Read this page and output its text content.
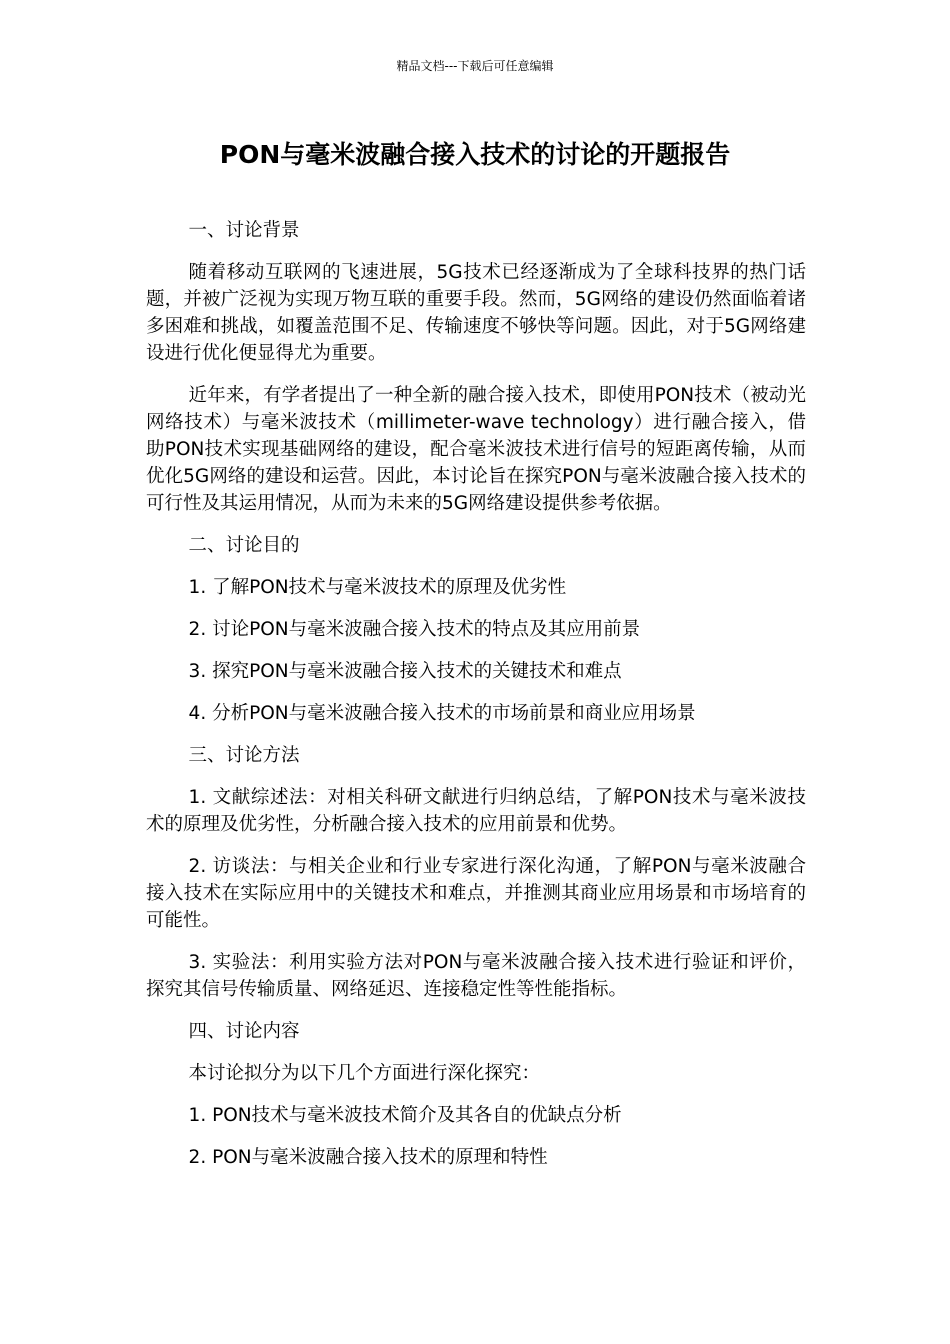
精品文档---下载后可任意编辑
PON与毫米波融合接入技术的讨论的开题报告

一、讨论背景

随着移动互联网的飞速进展，5G技术已经逐渐成为了全球科技界的热门话题，并被广泛视为实现万物互联的重要手段。然而，5G网络的建设仍然面临着诸多困难和挑战，如覆盖范围不足、传输速度不够快等问题。因此，对于5G网络建设进行优化便显得尤为重要。

近年来，有学者提出了一种全新的融合接入技术，即使用PON技术（被动光网络技术）与毫米波技术（millimeter-wave technology）进行融合接入，借助PON技术实现基础网络的建设，配合毫米波技术进行信号的短距离传输，从而优化5G网络的建设和运营。因此，本讨论旨在探究PON与毫米波融合接入技术的可行性及其运用情况，从而为未来的5G网络建设提供参考依据。

二、讨论目的

1. 了解PON技术与毫米波技术的原理及优劣性

2. 讨论PON与毫米波融合接入技术的特点及其应用前景

3. 探究PON与毫米波融合接入技术的关键技术和难点

4. 分析PON与毫米波融合接入技术的市场前景和商业应用场景

三、讨论方法

1. 文献综述法：对相关科研文献进行归纳总结，了解PON技术与毫米波技术的原理及优劣性，分析融合接入技术的应用前景和优势。

2. 访谈法：与相关企业和行业专家进行深化沟通，了解PON与毫米波融合接入技术在实际应用中的关键技术和难点，并推测其商业应用场景和市场培育的可能性。

3. 实验法：利用实验方法对PON与毫米波融合接入技术进行验证和评价，探究其信号传输质量、网络延迟、连接稳定性等性能指标。

四、讨论内容

本讨论拟分为以下几个方面进行深化探究：

1. PON技术与毫米波技术简介及其各自的优缺点分析

2. PON与毫米波融合接入技术的原理和特性
